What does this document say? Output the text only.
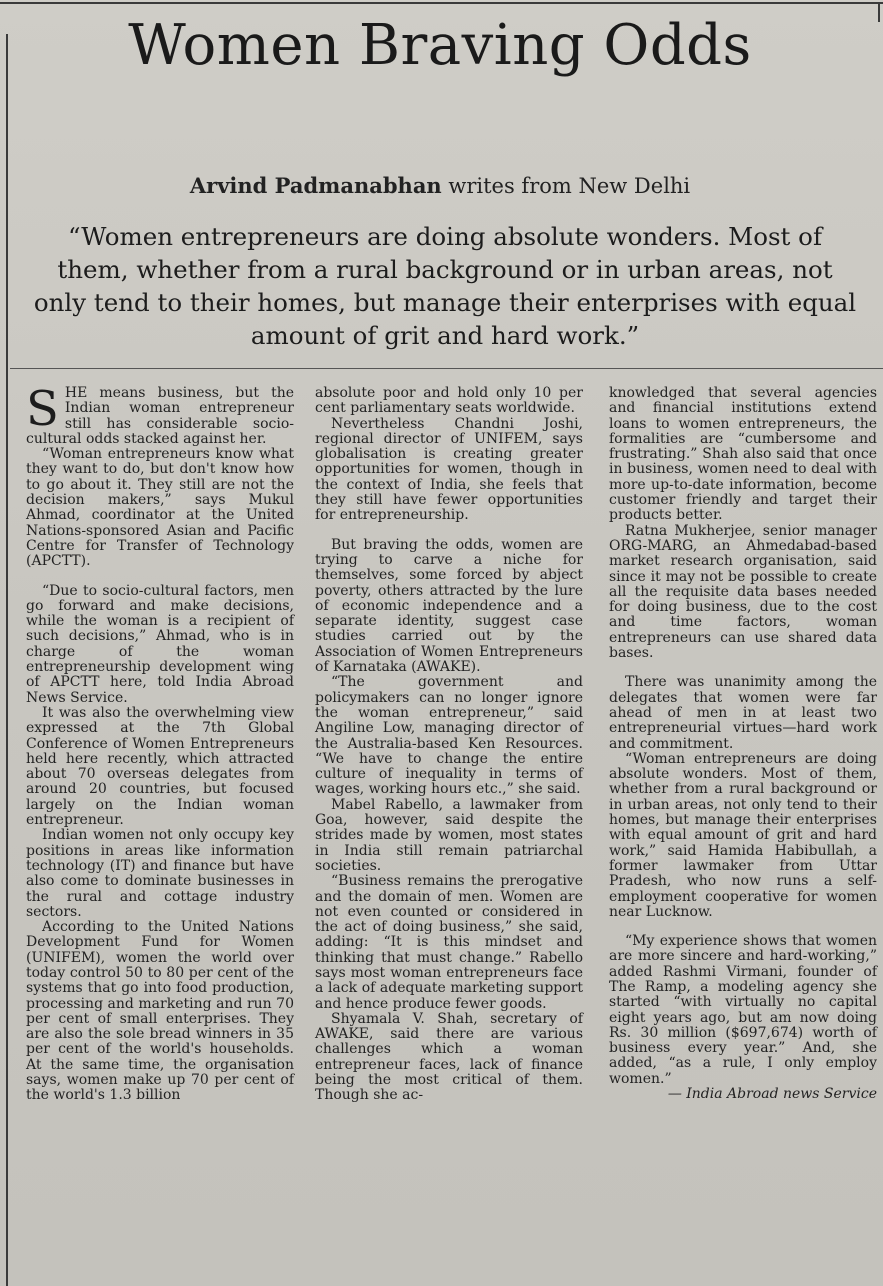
Women Braving Odds
Arvind Padmanabhan writes from New Delhi
“Women entrepreneurs are doing absolute wonders. Most of them, whether from a rural background or in urban areas, not only tend to their homes, but manage their enterprises with equal amount of grit and hard work.”

SHE means business, but the Indian woman entrepreneur still has considerable socio-cultural odds stacked against her.

“Woman entrepreneurs know what they want to do, but don't know how to go about it. They still are not the decision makers,” says Mukul Ahmad, coordinator at the United Nations-sponsored Asian and Pacific Centre for Transfer of Technology (APCTT).

“Due to socio-cultural factors, men go forward and make decisions, while the woman is a recipient of such decisions,” Ahmad, who is in charge of the woman entrepreneurship development wing of APCTT here, told India Abroad News Service.

It was also the overwhelming view expressed at the 7th Global Conference of Women Entrepreneurs held here recently, which attracted about 70 overseas delegates from around 20 countries, but focused largely on the Indian woman entrepreneur.

Indian women not only occupy key positions in areas like information technology (IT) and finance but have also come to dominate businesses in the rural and cottage industry sectors.

According to the United Nations Development Fund for Women (UNIFEM), women the world over today control 50 to 80 per cent of the systems that go into food production, processing and marketing and run 70 per cent of small enterprises. They are also the sole bread winners in 35 per cent of the world's households. At the same time, the organisation says, women make up 70 per cent of the world's 1.3 billion

absolute poor and hold only 10 per cent parliamentary seats worldwide.

Nevertheless Chandni Joshi, regional director of UNIFEM, says globalisation is creating greater opportunities for women, though in the context of India, she feels that they still have fewer opportunities for entrepreneurship.

But braving the odds, women are trying to carve a niche for themselves, some forced by abject poverty, others attracted by the lure of economic independence and a separate identity, suggest case studies carried out by the Association of Women Entrepreneurs of Karnataka (AWAKE).

“The government and policymakers can no longer ignore the woman entrepreneur,” said Angiline Low, managing director of the Australia-based Ken Resources. “We have to change the entire culture of inequality in terms of wages, working hours etc.,” she said.

Mabel Rabello, a lawmaker from Goa, however, said despite the strides made by women, most states in India still remain patriarchal societies.

“Business remains the prerogative and the domain of men. Women are not even counted or considered in the act of doing business,” she said, adding: “It is this mindset and thinking that must change.” Rabello says most woman entrepreneurs face a lack of adequate marketing support and hence produce fewer goods.

Shyamala V. Shah, secretary of AWAKE, said there are various challenges which a woman entrepreneur faces, lack of finance being the most critical of them. Though she ac-

knowledged that several agencies and financial institutions extend loans to women entrepreneurs, the formalities are “cumbersome and frustrating.” Shah also said that once in business, women need to deal with more up-to-date information, become customer friendly and target their products better.

Ratna Mukherjee, senior manager ORG-MARG, an Ahmedabad-based market research organisation, said since it may not be possible to create all the requisite data bases needed for doing business, due to the cost and time factors, woman entrepreneurs can use shared data bases.

There was unanimity among the delegates that women were far ahead of men in at least two entrepreneurial virtues—hard work and commitment.

“Woman entrepreneurs are doing absolute wonders. Most of them, whether from a rural background or in urban areas, not only tend to their homes, but manage their enterprises with equal amount of grit and hard work,” said Hamida Habibullah, a former lawmaker from Uttar Pradesh, who now runs a self-employment cooperative for women near Lucknow.

“My experience shows that women are more sincere and hard-working,” added Rashmi Virmani, founder of The Ramp, a modeling agency she started “with virtually no capital eight years ago, but am now doing Rs. 30 million ($697,674) worth of business every year.” And, she added, “as a rule, I only employ women.”

— India Abroad news Service
